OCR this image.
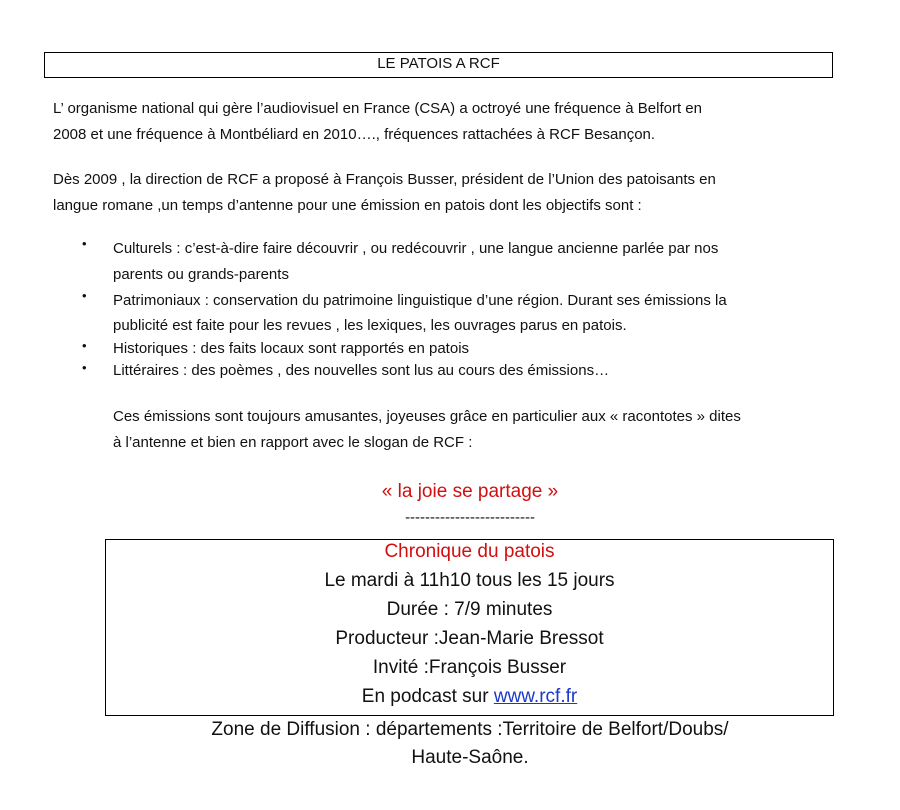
LE PATOIS A RCF

L’ organisme national qui gère l’audiovisuel en France (CSA) a octroyé une fréquence à Belfort en
2008 et une fréquence à Montbéliard en 2010…., fréquences rattachées à RCF Besançon.

Dès 2009 , la direction de RCF a proposé à François Busser, président de l’Union des patoisants en
langue romane ,un temps d’antenne pour une émission en patois dont les objectifs sont :

• Culturels : c’est-à-dire faire découvrir , ou redécouvrir , une langue ancienne parlée par nos
parents ou grands-parents
• Patrimoniaux : conservation du patrimoine linguistique d’une région. Durant ses émissions la
publicité est faite pour les revues , les lexiques, les ouvrages parus en patois.
• Historiques : des faits locaux sont rapportés en patois
• Littéraires : des poèmes , des nouvelles sont lus au cours des émissions…

Ces émissions sont toujours amusantes, joyeuses grâce en particulier aux « racontotes » dites
à l’antenne et bien en rapport avec le slogan de RCF :

« la joie se partage »
--------------------------
Chronique du patois
Le mardi à 11h10 tous les 15 jours
Durée : 7/9 minutes
Producteur :Jean-Marie Bressot
Invité :François Busser
En podcast sur www.rcf.fr
Zone de Diffusion : départements :Territoire de Belfort/Doubs/
Haute-Saône.
